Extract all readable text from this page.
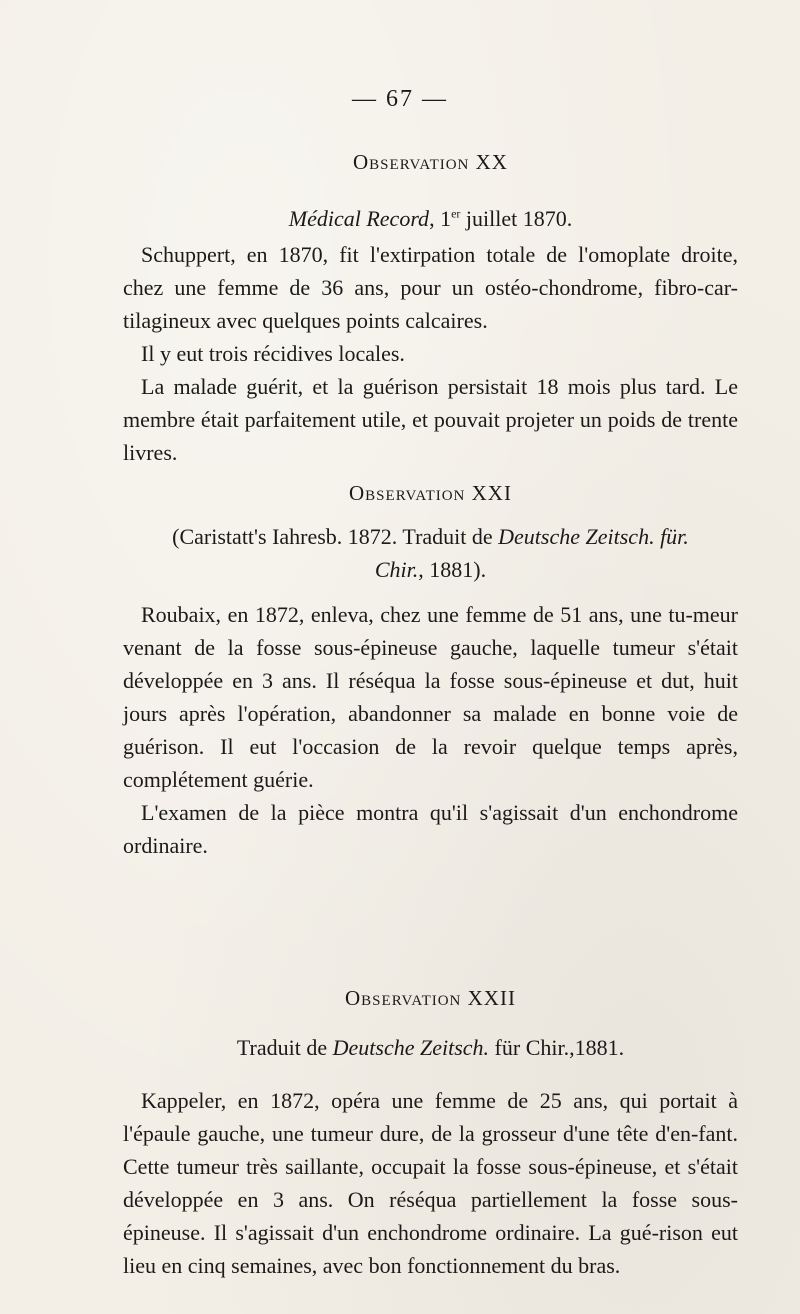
— 67 —

Observation XX

Médical Record, 1er juillet 1870.

Schuppert, en 1870, fit l'extirpation totale de l'omoplate droite, chez une femme de 36 ans, pour un ostéo-chondrome, fibro-car-tilagineux avec quelques points calcaires.

Il y eut trois récidives locales.

La malade guérit, et la guérison persistait 18 mois plus tard. Le membre était parfaitement utile, et pouvait projeter un poids de trente livres.

Observation XXI

(Caristatt's Iahresb. 1872. Traduit de Deutsche Zeitsch. für. Chir., 1881).

Roubaix, en 1872, enleva, chez une femme de 51 ans, une tu-meur venant de la fosse sous-épineuse gauche, laquelle tumeur s'était développée en 3 ans. Il réséqua la fosse sous-épineuse et dut, huit jours après l'opération, abandonner sa malade en bonne voie de guérison. Il eut l'occasion de la revoir quelque temps après, complétement guérie.

L'examen de la pièce montra qu'il s'agissait d'un enchondrome ordinaire.

Observation XXII

Traduit de Deutsche Zeitsch. für Chir.,1881.

Kappeler, en 1872, opéra une femme de 25 ans, qui portait à l'épaule gauche, une tumeur dure, de la grosseur d'une tête d'en-fant. Cette tumeur très saillante, occupait la fosse sous-épineuse, et s'était développée en 3 ans. On réséqua partiellement la fosse sous-épineuse. Il s'agissait d'un enchondrome ordinaire. La gué-rison eut lieu en cinq semaines, avec bon fonctionnement du bras.
